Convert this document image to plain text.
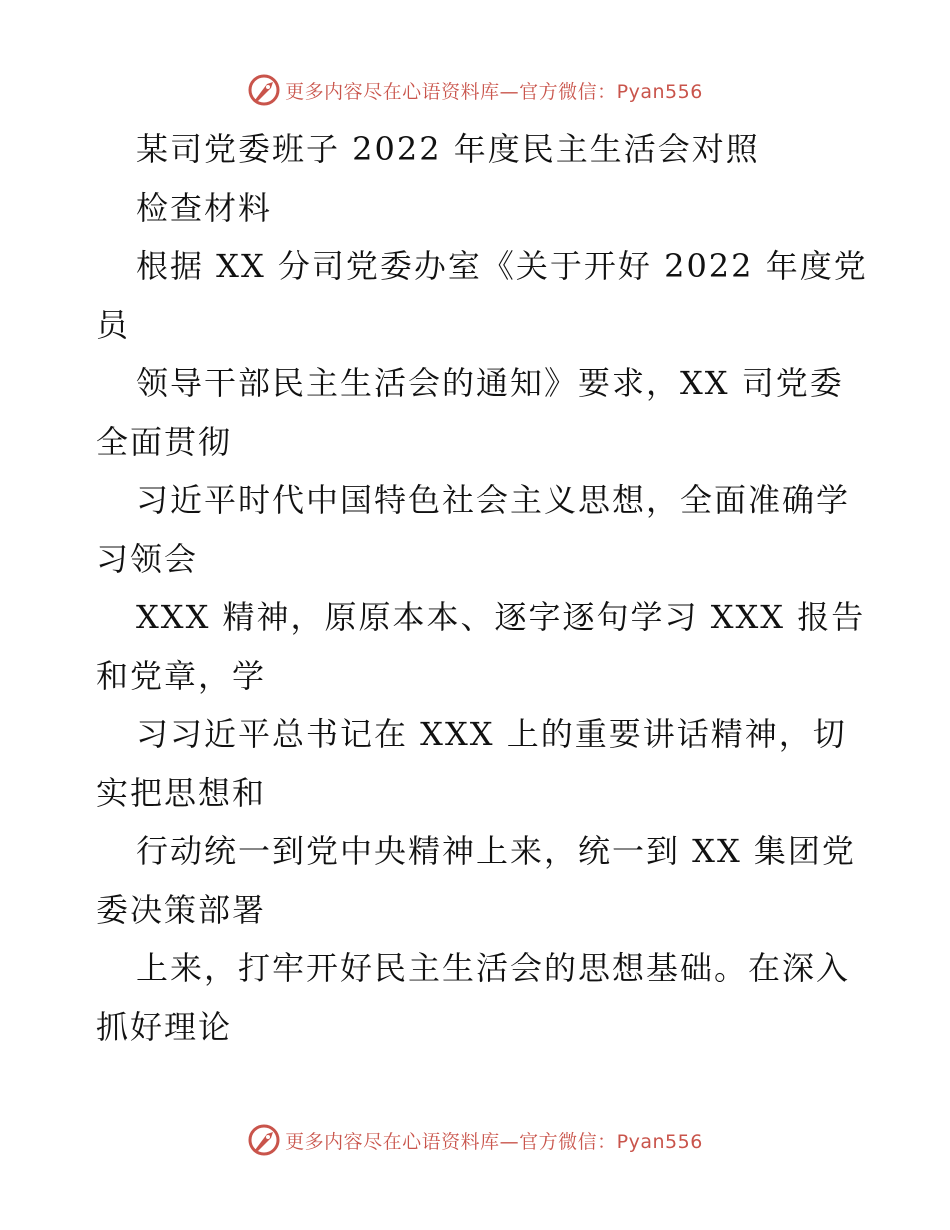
更多内容尽在心语资料库—官方微信：Pyan556
某司党委班子 2022 年度民主生活会对照
检查材料
根据 XX 分司党委办室《关于开好 2022 年度党
员
领导干部民主生活会的通知》要求，XX 司党委
全面贯彻
习近平时代中国特色社会主义思想，全面准确学
习领会
XXX 精神，原原本本、逐字逐句学习 XXX 报告
和党章，学
习习近平总书记在 XXX 上的重要讲话精神，切
实把思想和
行动统一到党中央精神上来，统一到 XX 集团党
委决策部署
上来，打牢开好民主生活会的思想基础。在深入
抓好理论
更多内容尽在心语资料库—官方微信：Pyan556
